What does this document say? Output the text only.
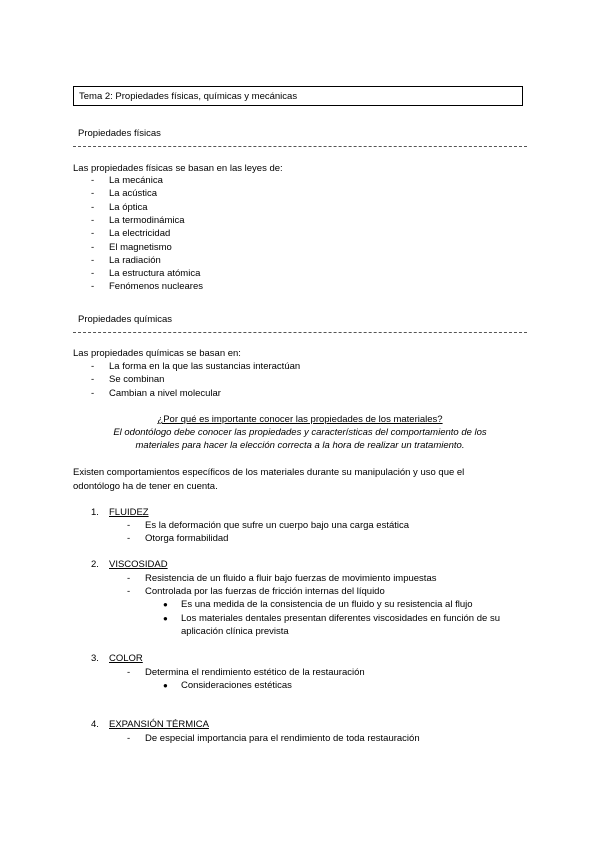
Tema 2: Propiedades físicas, químicas y mecánicas
Propiedades físicas
Las propiedades físicas se basan en las leyes de:
- La mecánica
- La acústica
- La óptica
- La termodinámica
- La electricidad
- El magnetismo
- La radiación
- La estructura atómica
- Fenómenos nucleares
Propiedades químicas
Las propiedades químicas se basan en:
- La forma en la que las sustancias interactúan
- Se combinan
- Cambian a nivel molecular
¿Por qué es importante conocer las propiedades de los materiales?
El odontólogo debe conocer las propiedades y características del comportamiento de los
materiales para hacer la elección correcta a la hora de realizar un tratamiento.
Existen comportamientos específicos de los materiales durante su manipulación y uso que el
odontólogo ha de tener en cuenta.
1. FLUIDEZ
- Es la deformación que sufre un cuerpo bajo una carga estática
- Otorga formabilidad
2. VISCOSIDAD
- Resistencia de un fluido a fluir bajo fuerzas de movimiento impuestas
- Controlada por las fuerzas de fricción internas del líquido
● Es una medida de la consistencia de un fluido y su resistencia al flujo
● Los materiales dentales presentan diferentes viscosidades en función de su
aplicación clínica prevista
3. COLOR
- Determina el rendimiento estético de la restauración
● Consideraciones estéticas
4. EXPANSIÓN TÉRMICA
- De especial importancia para el rendimiento de toda restauración
